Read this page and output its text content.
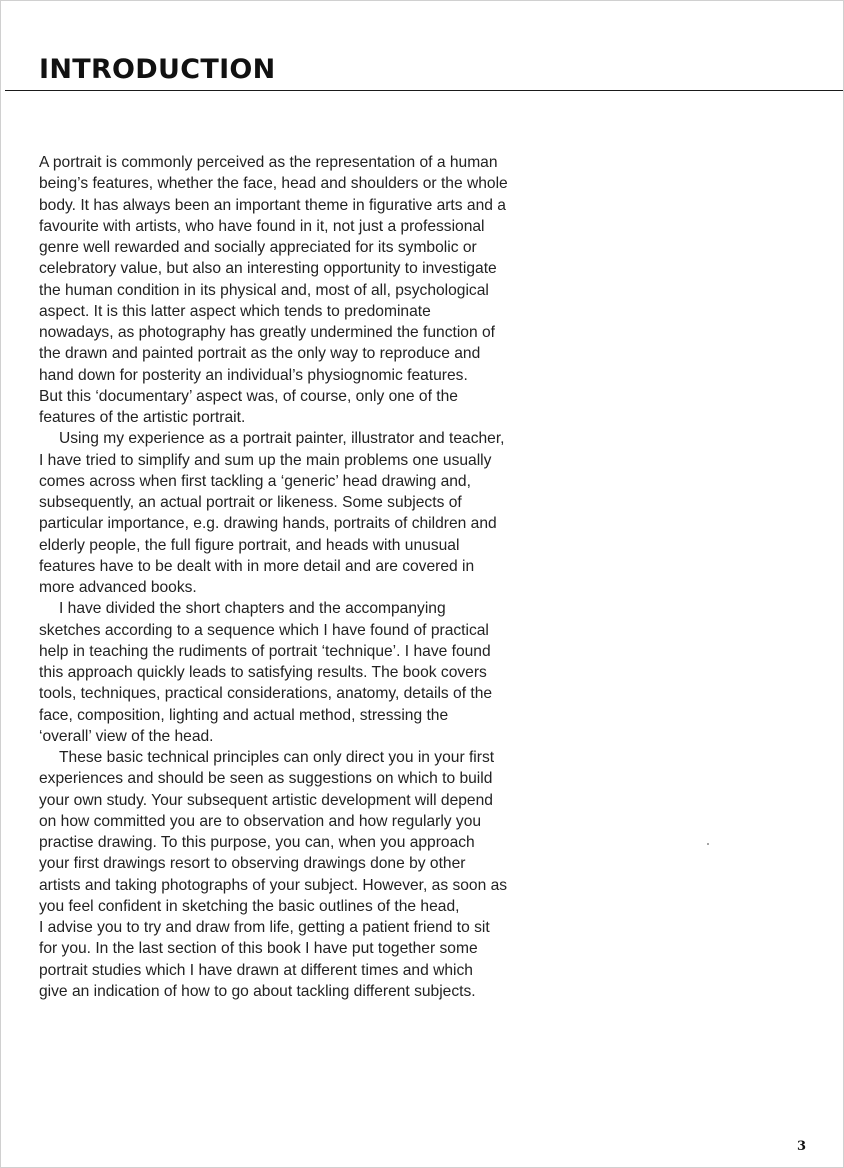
INTRODUCTION

A portrait is commonly perceived as the representation of a human
being’s features, whether the face, head and shoulders or the whole
body. It has always been an important theme in figurative arts and a
favourite with artists, who have found in it, not just a professional
genre well rewarded and socially appreciated for its symbolic or
celebratory value, but also an interesting opportunity to investigate
the human condition in its physical and, most of all, psychological
aspect. It is this latter aspect which tends to predominate
nowadays, as photography has greatly undermined the function of
the drawn and painted portrait as the only way to reproduce and
hand down for posterity an individual’s physiognomic features.
But this ‘documentary’ aspect was, of course, only one of the
features of the artistic portrait.

Using my experience as a portrait painter, illustrator and teacher,
I have tried to simplify and sum up the main problems one usually
comes across when first tackling a ‘generic’ head drawing and,
subsequently, an actual portrait or likeness. Some subjects of
particular importance, e.g. drawing hands, portraits of children and
elderly people, the full figure portrait, and heads with unusual
features have to be dealt with in more detail and are covered in
more advanced books.

I have divided the short chapters and the accompanying
sketches according to a sequence which I have found of practical
help in teaching the rudiments of portrait ‘technique’. I have found
this approach quickly leads to satisfying results. The book covers
tools, techniques, practical considerations, anatomy, details of the
face, composition, lighting and actual method, stressing the
‘overall’ view of the head.

These basic technical principles can only direct you in your first
experiences and should be seen as suggestions on which to build
your own study. Your subsequent artistic development will depend
on how committed you are to observation and how regularly you
practise drawing. To this purpose, you can, when you approach
your first drawings resort to observing drawings done by other
artists and taking photographs of your subject. However, as soon as
you feel confident in sketching the basic outlines of the head,
I advise you to try and draw from life, getting a patient friend to sit
for you. In the last section of this book I have put together some
portrait studies which I have drawn at different times and which
give an indication of how to go about tackling different subjects.

3
